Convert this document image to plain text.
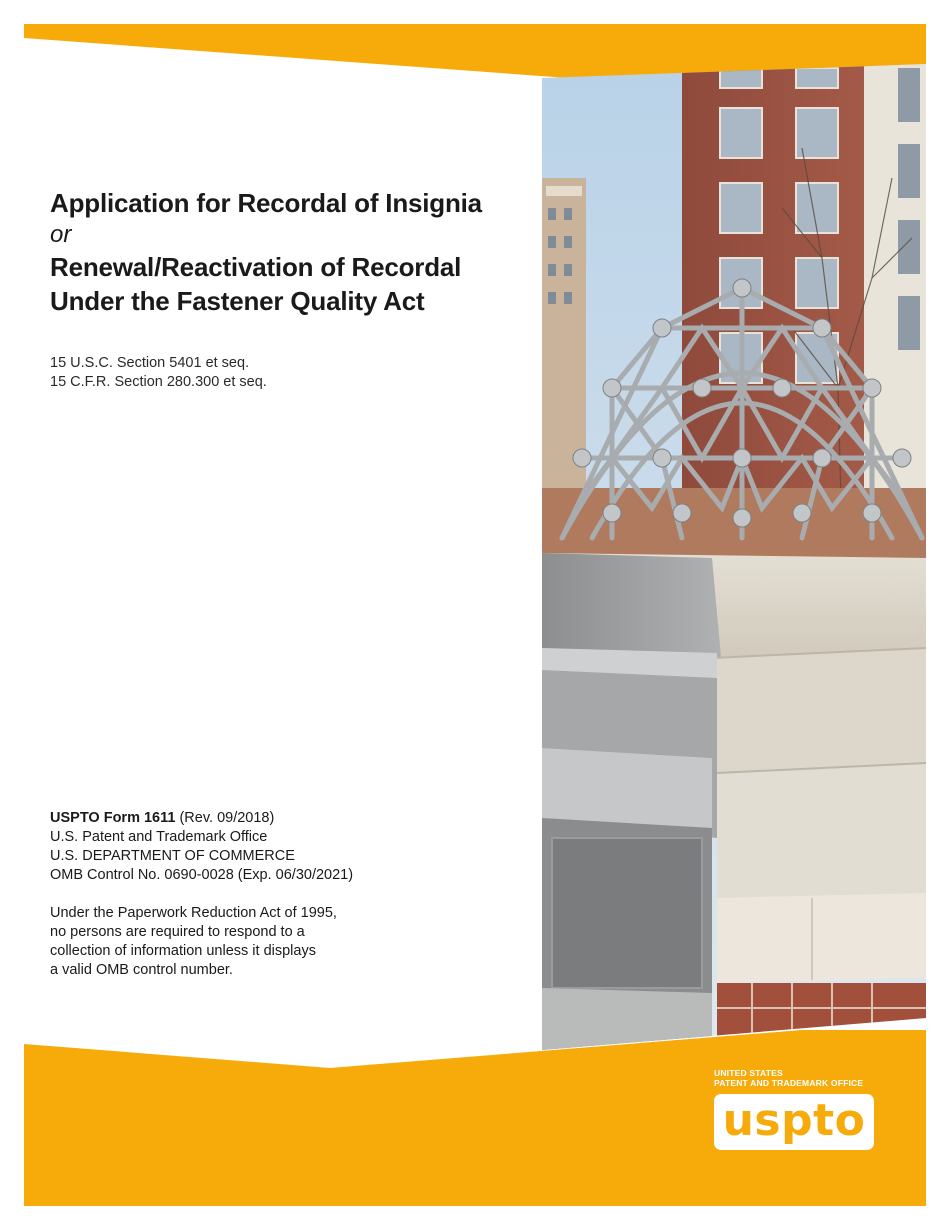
Application for Recordal of Insignia
or
Renewal/Reactivation of Recordal
Under the Fastener Quality Act
15 U.S.C. Section 5401 et seq.
15 C.F.R. Section 280.300 et seq.
USPTO Form 1611 (Rev. 09/2018)
U.S. Patent and Trademark Office
U.S. DEPARTMENT OF COMMERCE
OMB Control No. 0690-0028 (Exp. 06/30/2021)
Under the Paperwork Reduction Act of 1995,
no persons are required to respond to a
collection of information unless it displays
a valid OMB control number.
UNITED STATES
PATENT AND TRADEMARK OFFICE
uspto
